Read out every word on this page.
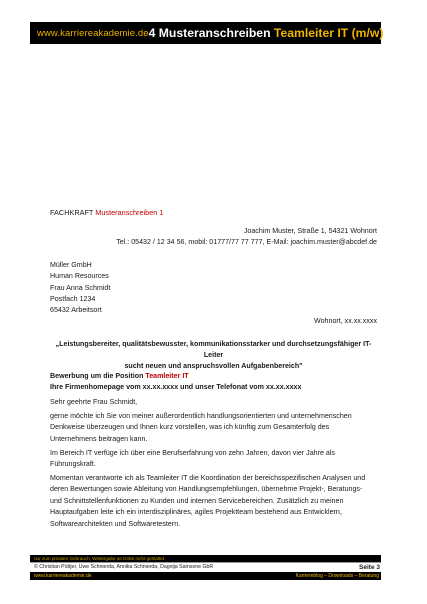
www.karriereakademie.de 4 Musteranschreiben Teamleiter IT (m/w)
FACHKRAFT Musteranschreiben 1
Joachim Muster, Straße 1, 54321 Wohnort
Tel.: 05432 / 12 34 56, mobil: 01777/77 77 777, E-Mail: joachim.muster@abcdef.de
Müller GmbH
Human Resources
Frau Anna Schmidt
Postfach 1234
65432 Arbeitsort
Wohnort, xx.xx.xxxx
„Leistungsbereiter, qualitätsbewusster, kommunikationsstarker und durchsetzungsfähiger IT-Leiter
sucht neuen und anspruchsvollen Aufgabenbereich"
Bewerbung um die Position Teamleiter IT
Ihre Firmenhomepage vom xx.xx.xxxx und unser Telefonat vom xx.xx.xxxx
Sehr geehrte Frau Schmidt,
gerne möchte ich Sie von meiner außerordentlich handlungsorientierten und unternehmerischen
Denkweise überzeugen und Ihnen kurz vorstellen, was ich künftig zum Gesamterfolg des
Unternehmens beitragen kann.
Im Bereich IT verfüge ich über eine Berufserfahrung von zehn Jahren, davon vier Jahre als
Führungskraft.
Momentan verantworte ich als Teamleiter IT die Koordination der bereichsspezifischen Analysen und
deren Bewertungen sowie Ableitung von Handlungsempfehlungen, übernehme Projekt-, Beratungs-
und Schnittstellenfunktionen zu Kunden und internen Servicebereichen. Zusätzlich zu meinen
Hauptaufgaben leite ich ein interdisziplinäres, agiles Projektteam bestehend aus Entwicklern,
Softwarearchitekten und Softwaretestern.
nur zum privaten Gebrauch, Weitergabe an Dritte nicht gestattet
© Christian Püttjer, Uwe Schnierda, Annika Schnierda, Dagnija Samsone GbR	Seite 3
www.karriereakademie.de	Karriereblog – Downloads – Beratung
